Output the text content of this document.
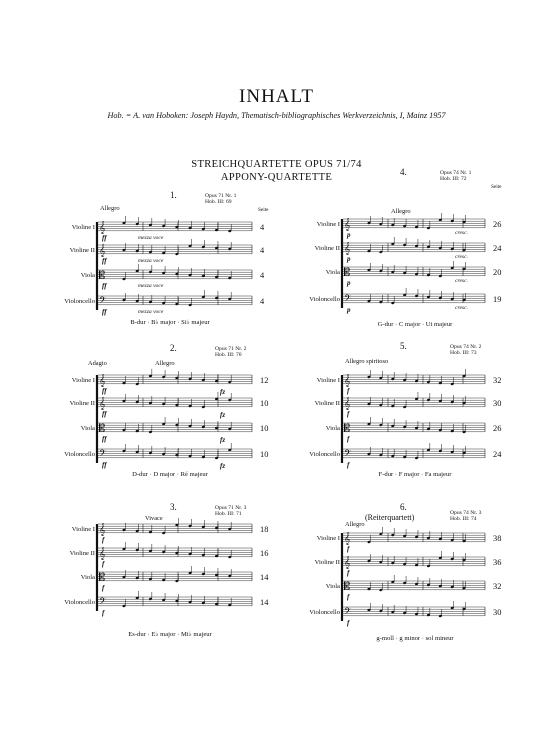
INHALT
Hob. = A. van Hoboken: Joseph Haydn, Thematisch-bibliographisches Werkverzeichnis, I, Mainz 1957
STREICHQUARTETTE OPUS 71/74
APPONY-QUARTETTE
𝄞
𝄞
𝄡
𝄢
1.	Opus 71 Nr. 1
Hob. III: 69
Seite
Allegro
Violine I	4
Violine II	4
Viola	4
Violoncello	4
B-dur · B♭ major · Si♭ majeur
ff	mezza voce
ff	mezza voce
ff	mezza voce
ff	mezza voce
𝄞
𝄞
𝄡
𝄢
2.	Opus 71 Nr. 2
Hob. III: 70
Adagio	Allegro
Violine I	12
Violine II	10
Viola	10
Violoncello	10
D-dur · D major · Ré majeur
ff	fz
ff	fz
ff	fz
ff	fz
𝄞
𝄞
𝄡
𝄢
3.	Opus 71 Nr. 3
Hob. III: 71
Vivace
Violine I	18
Violine II	16
Viola	14
Violoncello	14
Es-dur · E♭ major · Mi♭ majeur
f
f
f
f
𝄞
𝄞
𝄡
𝄢
4.	Opus 74 Nr. 1
Hob. III: 72
Seite
Allegro
Violine I	26
Violine II	24
Viola	20
Violoncello	19
G-dur · C major · Ut majeur
p	cresc.
p	cresc.
p	cresc.
p	cresc.
𝄞
𝄞
𝄡
𝄢
5.	Opus 74 Nr. 2
Hob. III: 73
Allegro spiritoso
Violine I	32
Violine II	30
Viola	26
Violoncello	24
F-dur · F major · Fa majeur
f
f
f
f
𝄞
𝄞
𝄡
𝄢
6.
(Reiterquartett)	Opus 74 Nr. 3
Hob. III: 74
Allegro
Violine I	38
Violine II	36
Viola	32
Violoncello	30
g-moll · g minor · sol mineur
f
f
f
f
